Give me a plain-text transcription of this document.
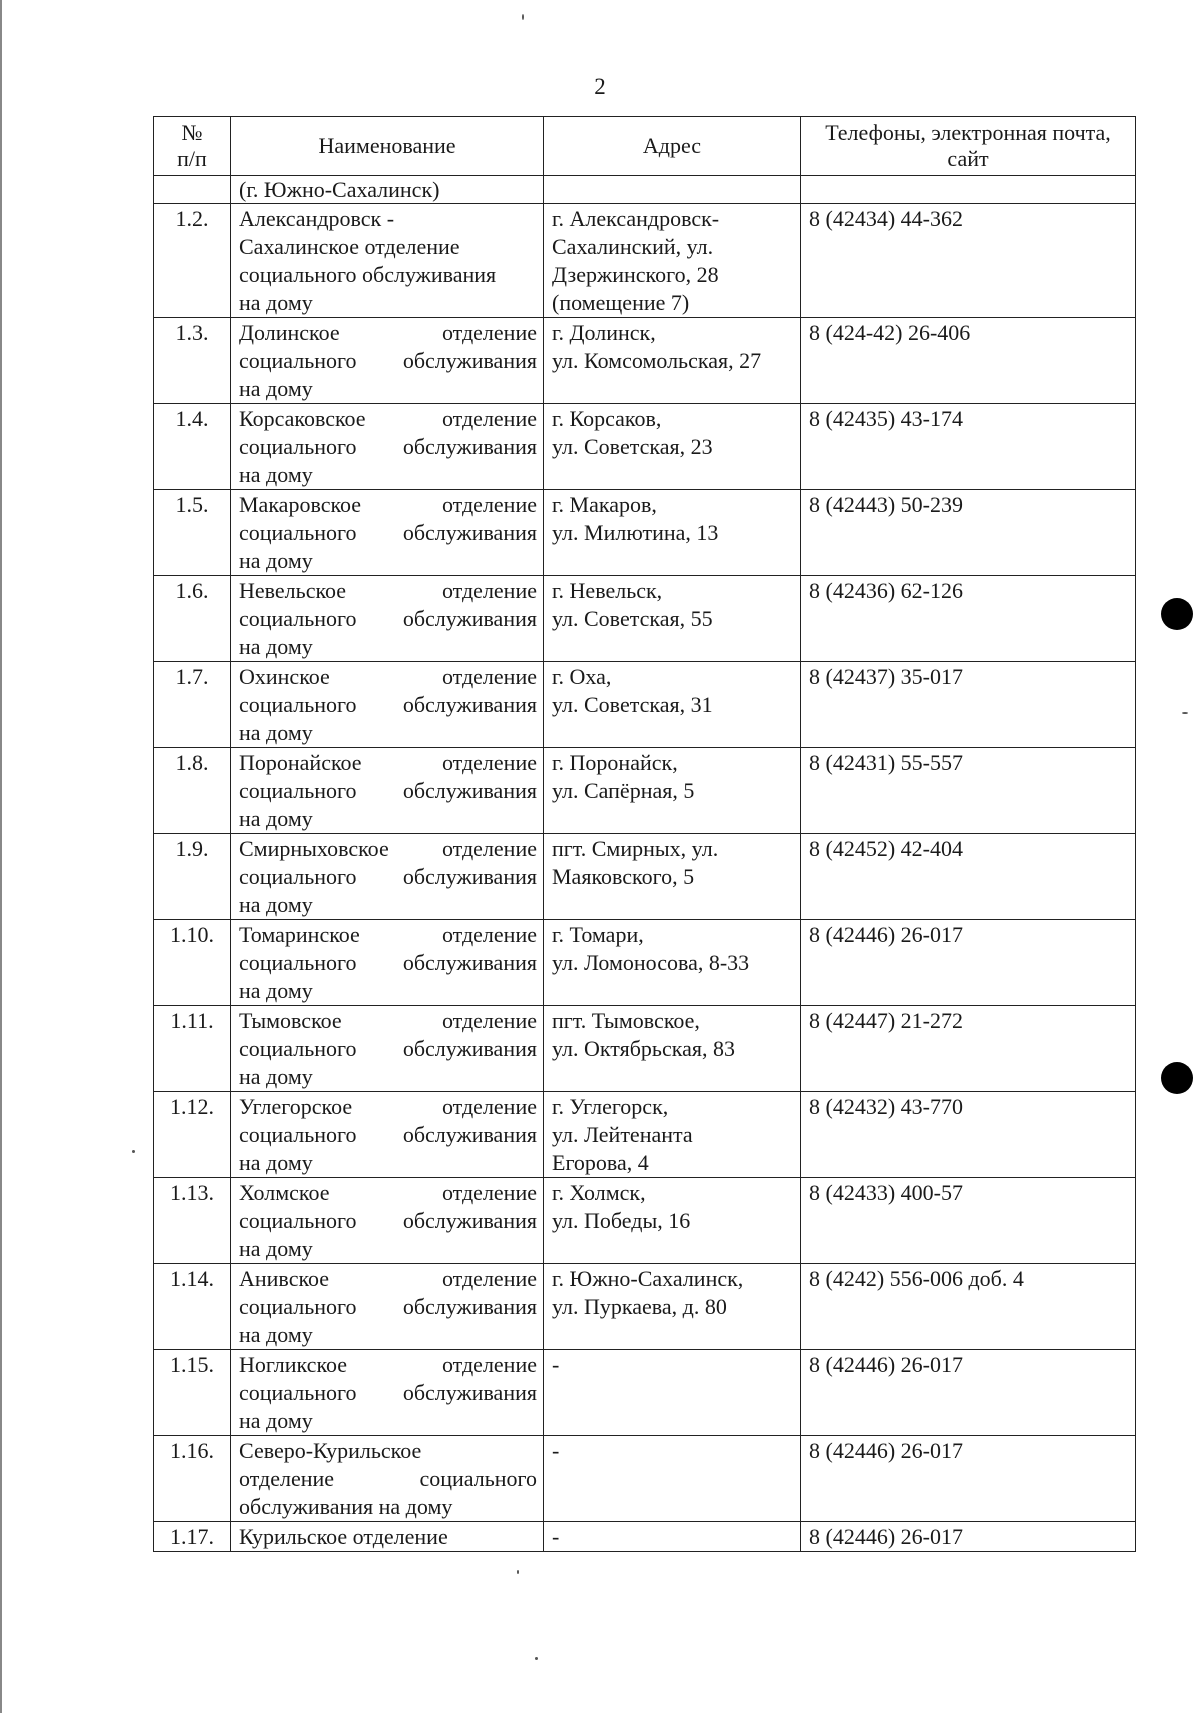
2
№
п/п	Наименование	Адрес	Телефоны, электронная почта,
сайт
	(г. Южно-Сахалинск)		
1.2.	Александровск -
Сахалинское отделение
социального обслуживания
на дому	г. Александровск-
Сахалинский, ул.
Дзержинского, 28
(помещение 7)	8 (42434) 44-362
1.3.	Долинское отделение
социального обслуживания
на дому	г. Долинск,
ул. Комсомольская, 27	8 (424-42) 26-406
1.4.	Корсаковское отделение
социального обслуживания
на дому	г. Корсаков,
ул. Советская, 23	8 (42435) 43-174
1.5.	Макаровское отделение
социального обслуживания
на дому	г. Макаров,
ул. Милютина, 13	8 (42443) 50-239
1.6.	Невельское отделение
социального обслуживания
на дому	г. Невельск,
ул. Советская, 55	8 (42436) 62-126
1.7.	Охинское отделение
социального обслуживания
на дому	г. Оха,
ул. Советская, 31	8 (42437) 35-017
1.8.	Поронайское отделение
социального обслуживания
на дому	г. Поронайск,
ул. Сапёрная, 5	8 (42431) 55-557
1.9.	Смирныховское отделение
социального обслуживания
на дому	пгт. Смирных, ул.
Маяковского, 5	8 (42452) 42-404
1.10.	Томаринское отделение
социального обслуживания
на дому	г. Томари,
ул. Ломоносова, 8-33	8 (42446) 26-017
1.11.	Тымовское отделение
социального обслуживания
на дому	пгт. Тымовское,
ул. Октябрьская, 83	8 (42447) 21-272
1.12.	Углегорское отделение
социального обслуживания
на дому	г. Углегорск,
ул. Лейтенанта
Егорова, 4	8 (42432) 43-770
1.13.	Холмское отделение
социального обслуживания
на дому	г. Холмск,
ул. Победы, 16	8 (42433) 400-57
1.14.	Анивское отделение
социального обслуживания
на дому	г. Южно-Сахалинск,
ул. Пуркаева, д. 80	8 (4242) 556-006 доб. 4
1.15.	Ногликское отделение
социального обслуживания
на дому	-	8 (42446) 26-017
1.16.	Северо-Курильское
отделение социального
обслуживания на дому	-	8 (42446) 26-017
1.17.	Курильское отделение	-	8 (42446) 26-017
